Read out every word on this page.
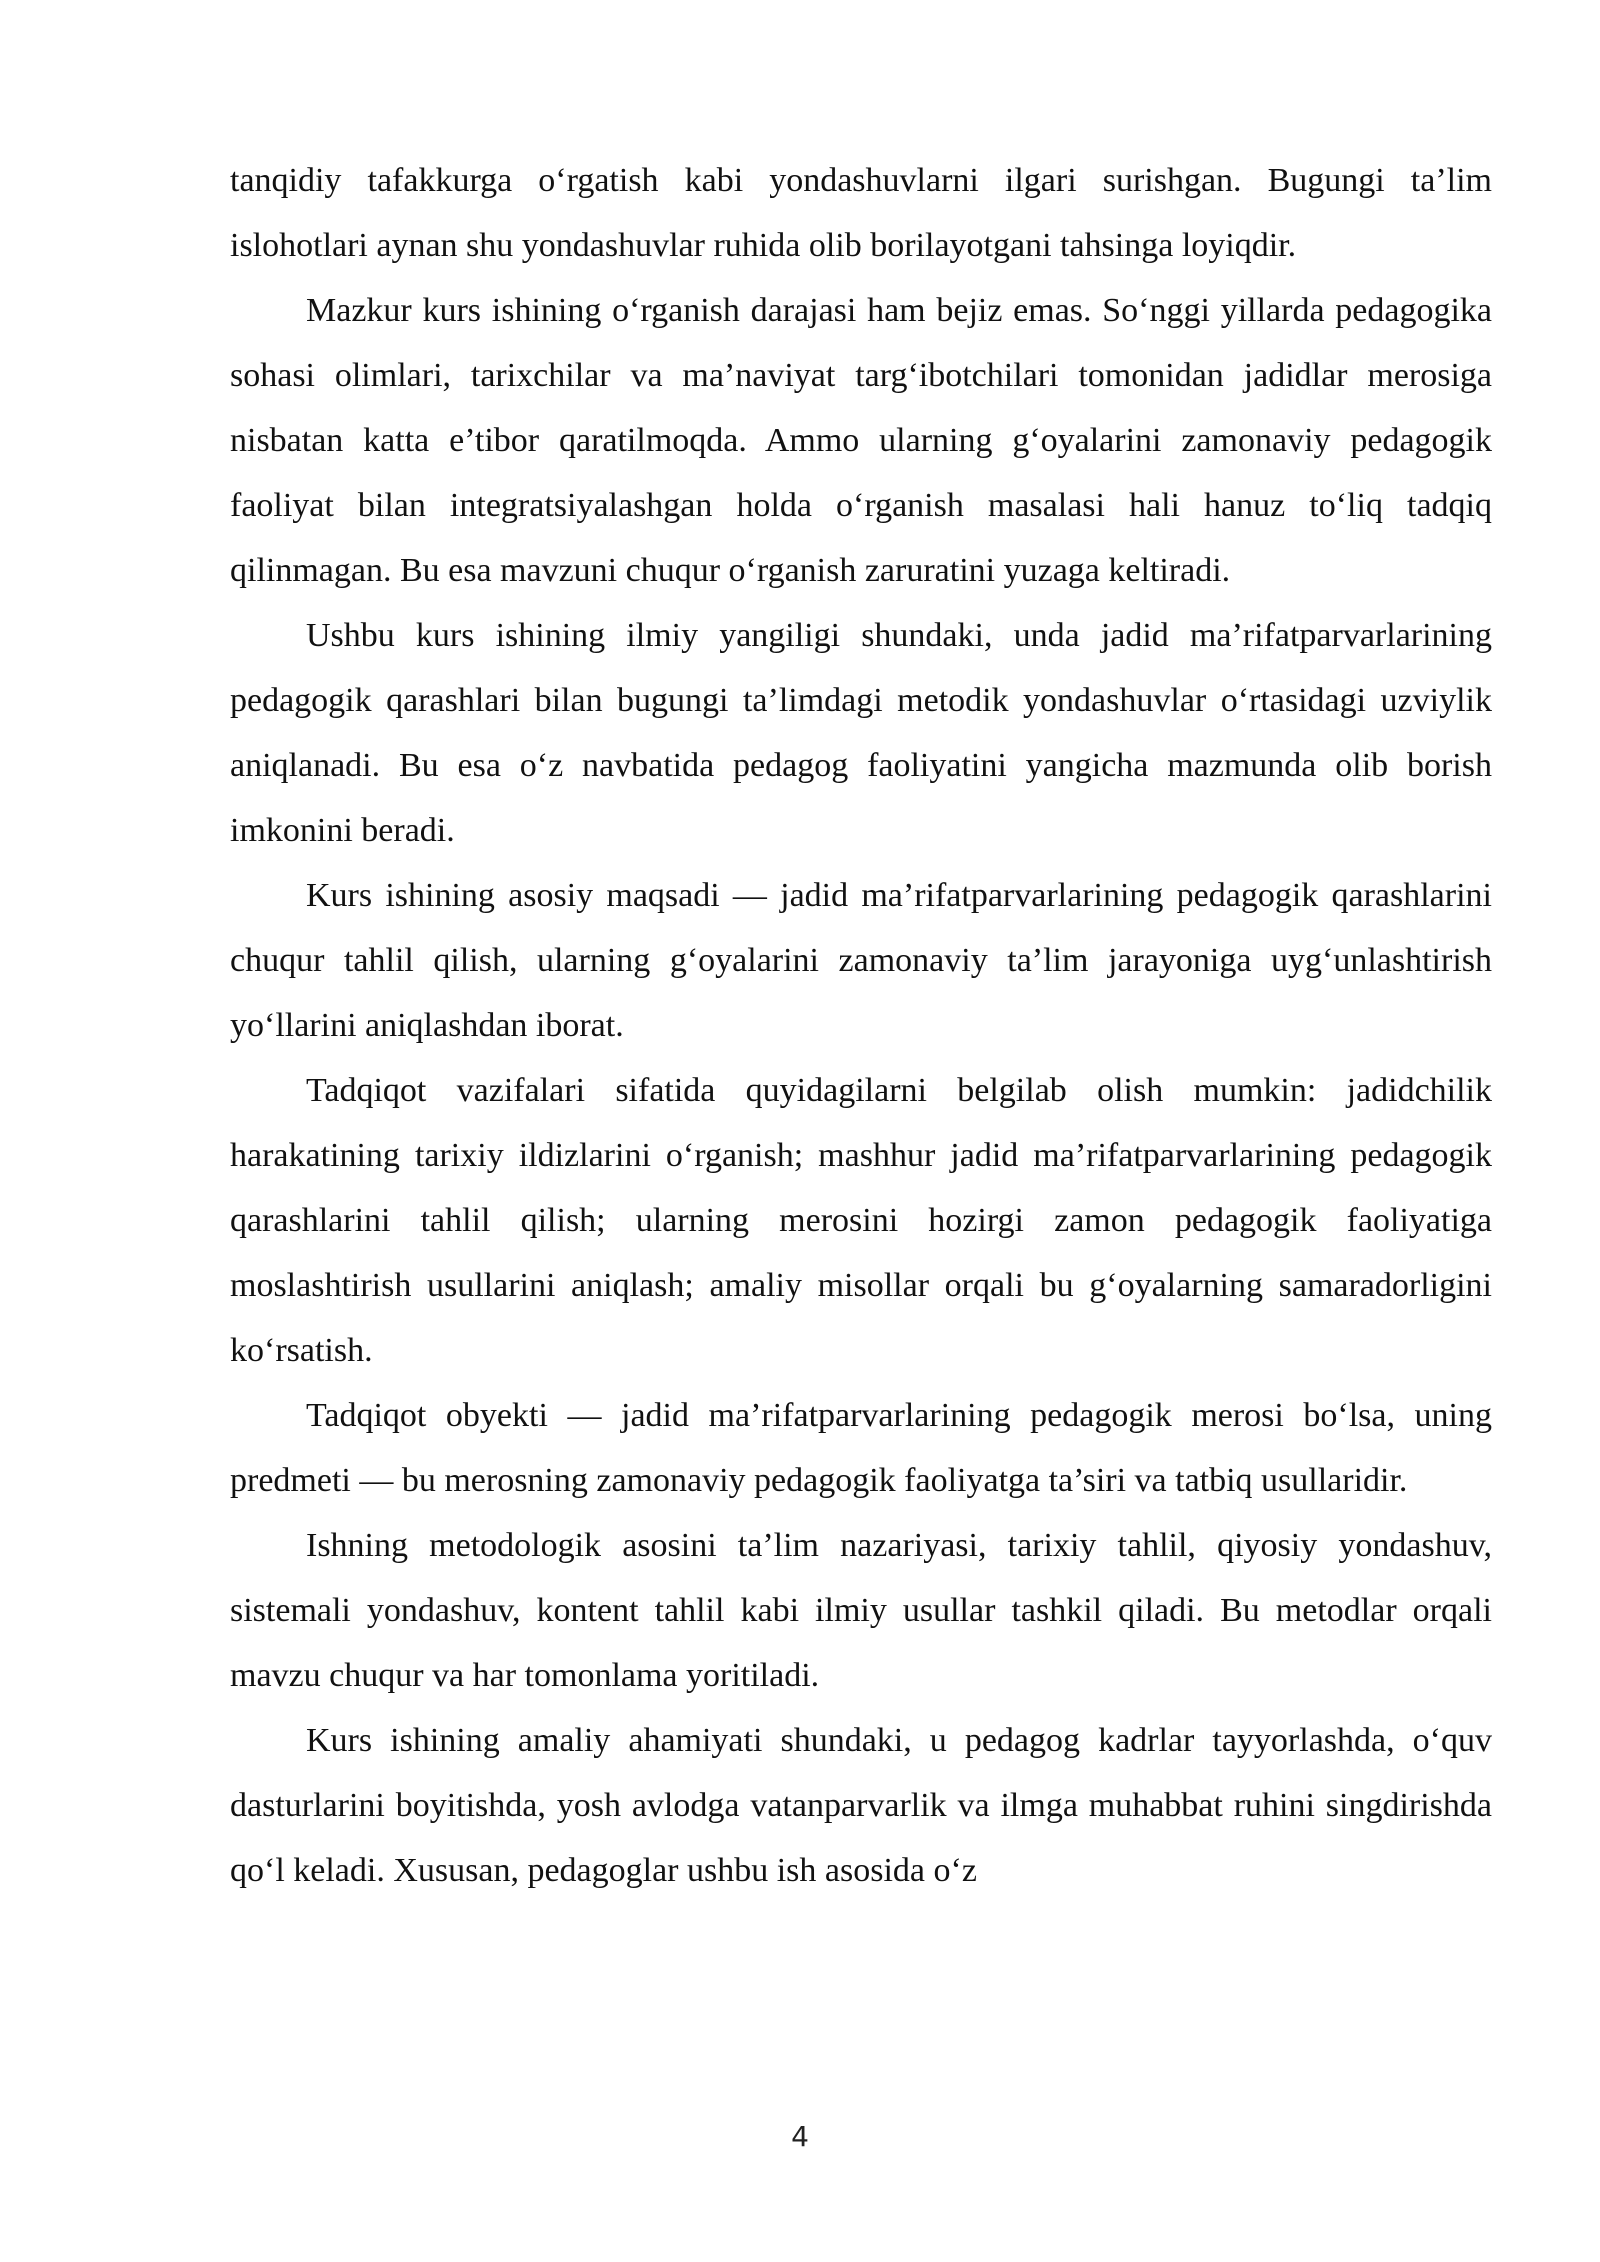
tanqidiy tafakkurga o‘rgatish kabi yondashuvlarni ilgari surishgan. Bugungi ta’lim islohotlari aynan shu yondashuvlar ruhida olib borilayotgani tahsinga loyiqdir.

Mazkur kurs ishining o‘rganish darajasi ham bejiz emas. So‘nggi yillarda pedagogika sohasi olimlari, tarixchilar va ma’naviyat targ‘ibotchilari tomonidan jadidlar merosiga nisbatan katta e’tibor qaratilmoqda. Ammo ularning g‘oyalarini zamonaviy pedagogik faoliyat bilan integratsiyalashgan holda o‘rganish masalasi hali hanuz to‘liq tadqiq qilinmagan. Bu esa mavzuni chuqur o‘rganish zaruratini yuzaga keltiradi.

Ushbu kurs ishining ilmiy yangiligi shundaki, unda jadid ma’rifatparvarlarining pedagogik qarashlari bilan bugungi ta’limdagi metodik yondashuvlar o‘rtasidagi uzviylik aniqlanadi. Bu esa o‘z navbatida pedagog faoliyatini yangicha mazmunda olib borish imkonini beradi.

Kurs ishining asosiy maqsadi — jadid ma’rifatparvarlarining pedagogik qarashlarini chuqur tahlil qilish, ularning g‘oyalarini zamonaviy ta’lim jarayoniga uyg‘unlashtirish yo‘llarini aniqlashdan iborat.

Tadqiqot vazifalari sifatida quyidagilarni belgilab olish mumkin: jadidchilik harakatining tarixiy ildizlarini o‘rganish; mashhur jadid ma’rifatparvarlarining pedagogik qarashlarini tahlil qilish; ularning merosini hozirgi zamon pedagogik faoliyatiga moslashtirish usullarini aniqlash; amaliy misollar orqali bu g‘oyalarning samaradorligini ko‘rsatish.

Tadqiqot obyekti — jadid ma’rifatparvarlarining pedagogik merosi bo‘lsa, uning predmeti — bu merosning zamonaviy pedagogik faoliyatga ta’siri va tatbiq usullaridir.

Ishning metodologik asosini ta’lim nazariyasi, tarixiy tahlil, qiyosiy yondashuv, sistemali yondashuv, kontent tahlil kabi ilmiy usullar tashkil qiladi. Bu metodlar orqali mavzu chuqur va har tomonlama yoritiladi.

Kurs ishining amaliy ahamiyati shundaki, u pedagog kadrlar tayyorlashda, o‘quv dasturlarini boyitishda, yosh avlodga vatanparvarlik va ilmga muhabbat ruhini singdirishda qo‘l keladi. Xususan, pedagoglar ushbu ish asosida o‘z

4
